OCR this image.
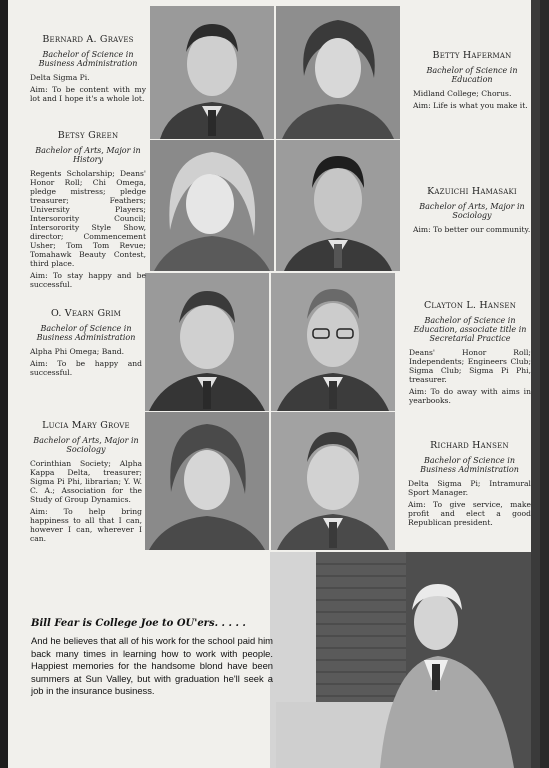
Bernard A. Graves
Bachelor of Science in Business Administration
Delta Sigma Pi.
Aim: To be content with my lot and I hope it's a whole lot.
Betty Haferman
Bachelor of Science in Education
Midland College; Chorus.
Aim: Life is what you make it.
Betsy Green
Bachelor of Arts, Major in History
Regents Scholarship; Deans' Honor Roll; Chi Omega, pledge mistress; pledge treasurer; Feathers; University Players; Intersorority Council; Intersorority Style Show, director; Commencement Usher; Tom Tom Revue; Tomahawk Beauty Contest, third place.
Aim: To stay happy and be successful.
Kazuichi Hamasaki
Bachelor of Arts, Major in Sociology
Aim: To better our community.
O. Vearn Grim
Bachelor of Science in Business Administration
Alpha Phi Omega; Band.
Aim: To be happy and successful.
Clayton L. Hansen
Bachelor of Science in Education, associate title in Secretarial Practice
Deans' Honor Roll; Independents; Engineers Club; Sigma Club; Sigma Pi Phi, treasurer.
Aim: To do away with aims in yearbooks.
Lucia Mary Grove
Bachelor of Arts, Major in Sociology
Corinthian Society; Alpha Kappa Delta, treasurer; Sigma Pi Phi, librarian; Y. W. C. A.; Association for the Study of Group Dynamics.
Aim: To help bring happiness to all that I can, however I can, wherever I can.
Richard Hansen
Bachelor of Science in Business Administration
Delta Sigma Pi; Intramural Sport Manager.
Aim: To give service, make profit and elect a good Republican president.
Bill Fear is College Joe to OU'ers. . . . .
And he believes that all of his work for the school paid him back many times in learning how to work with people. Happiest memories for the handsome blond have been summers at Sun Valley, but with graduation he'll seek a job in the insurance business.
